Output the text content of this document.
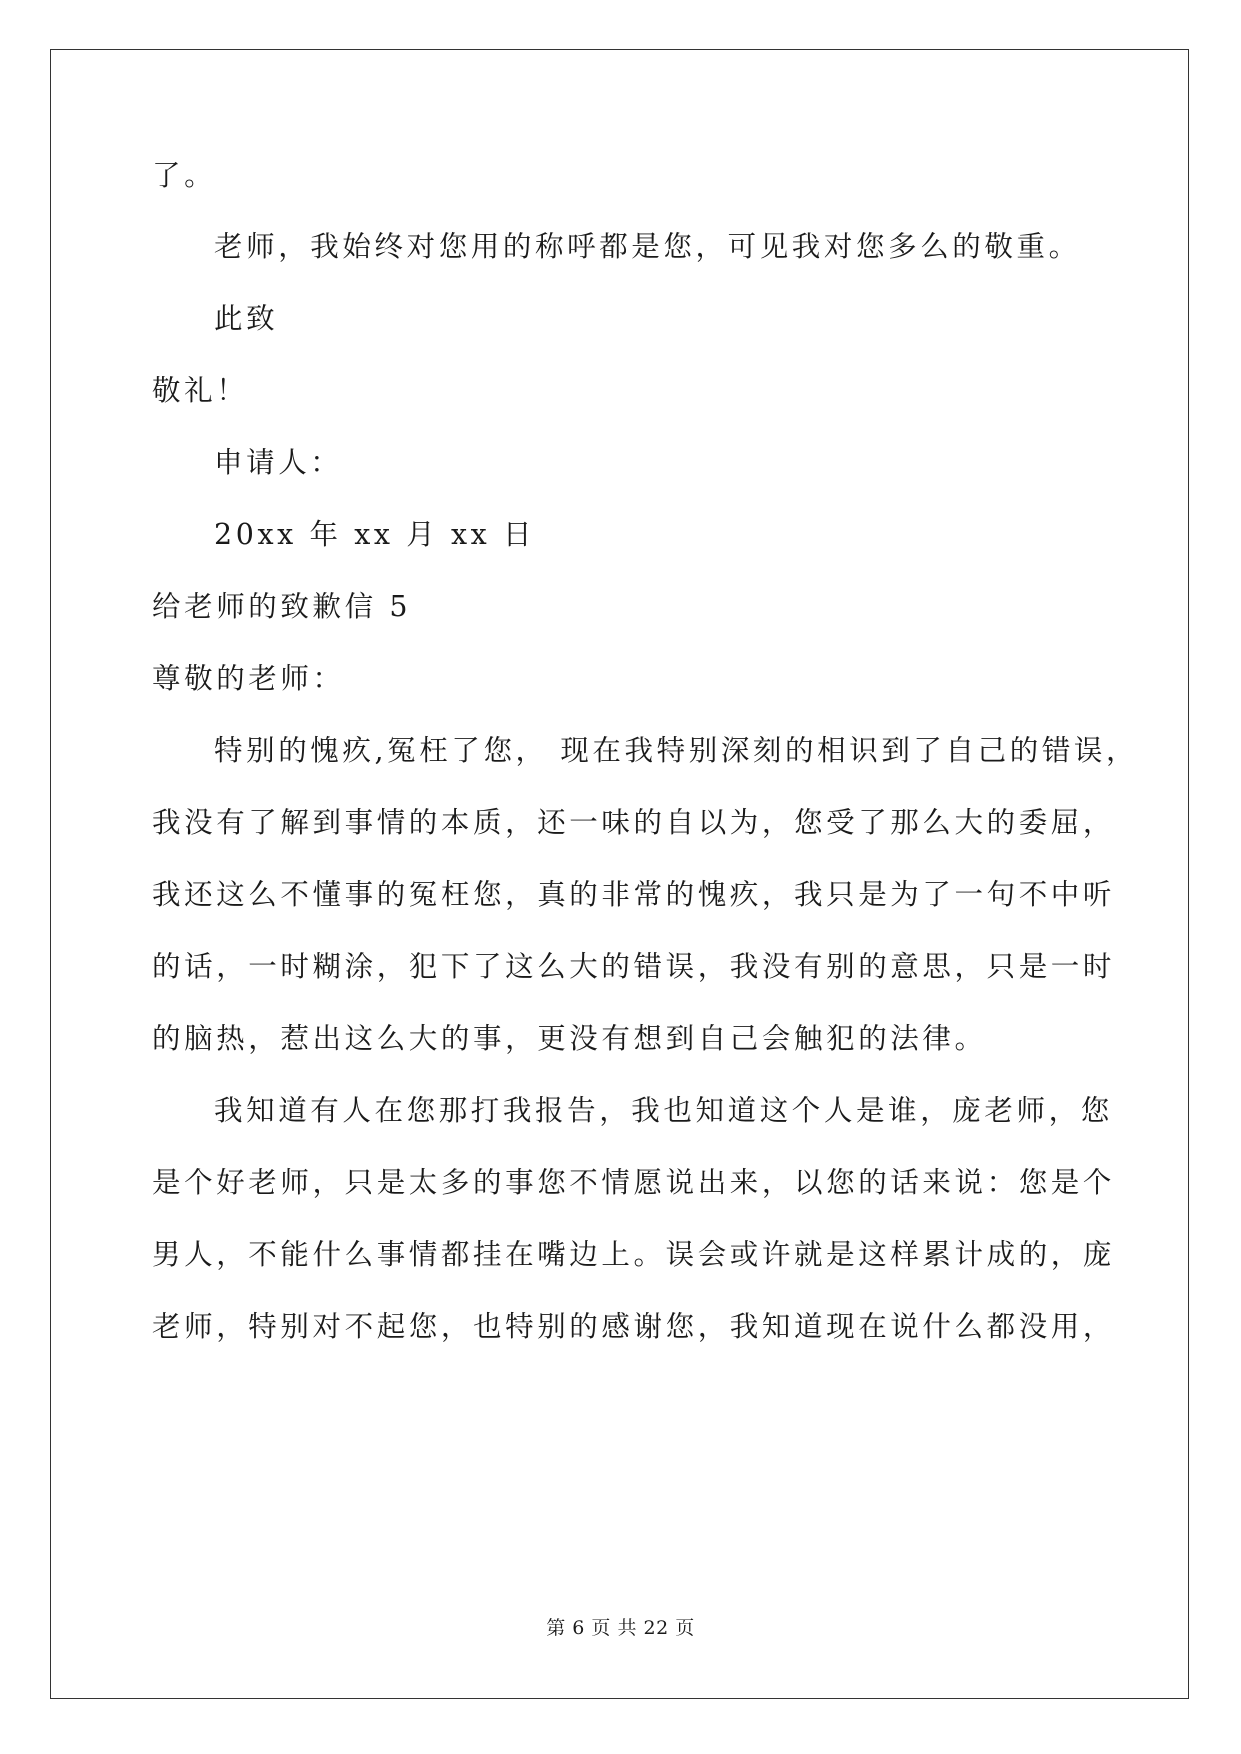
了。
老师，我始终对您用的称呼都是您，可见我对您多么的敬重。
此致
敬礼！
申请人：
20xx 年 xx 月 xx 日
给老师的致歉信 5
尊敬的老师：
特别的愧疚,冤枉了您， 现在我特别深刻的相识到了自己的错误，
我没有了解到事情的本质，还一味的自以为，您受了那么大的委屈，
我还这么不懂事的冤枉您，真的非常的愧疚，我只是为了一句不中听
的话，一时糊涂，犯下了这么大的错误，我没有别的意思，只是一时
的脑热，惹出这么大的事，更没有想到自己会触犯的法律。
我知道有人在您那打我报告，我也知道这个人是谁，庞老师，您
是个好老师，只是太多的事您不情愿说出来，以您的话来说：您是个
男人，不能什么事情都挂在嘴边上。误会或许就是这样累计成的，庞
老师，特别对不起您，也特别的感谢您，我知道现在说什么都没用，
第 6 页 共 22 页
